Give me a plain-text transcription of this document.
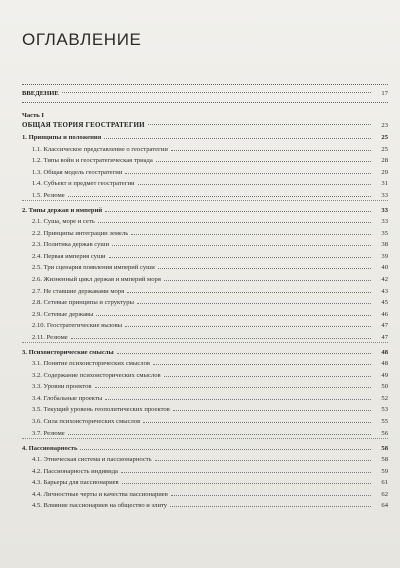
ОГЛАВЛЕНИЕ
ВВЕДЕНИЕ	17
Часть I
ОБЩАЯ ТЕОРИЯ ГЕОСТРАТЕГИИ	23
1. Принципы и положения	25
1.1. Классическое представление о геостратегии	25
1.2. Типы войн и геостратегическая триада	28
1.3. Общая модель геостратегии	29
1.4. Субъект и предмет геостратегии	31
1.5. Резюме	33
2. Типы держав и империй	33
2.1. Суша, море и сеть	33
2.2. Принципы интеграции земель	35
2.3. Политика держав суши	38
2.4. Первая империя суши	39
2.5. Три сценария появления империй суши	40
2.6. Жизненный цикл держав и империй моря	42
2.7. Не ставшие державами моря	43
2.8. Сетевые принципы и структуры	45
2.9. Сетевые державы	46
2.10. Геостратегические вызовы	47
2.11. Резюме	47
3. Психоисторические смыслы	48
3.1. Понятие психоисторических смыслов	48
3.2. Содержание психоисторических смыслов	49
3.3. Уровни проектов	50
3.4. Глобальные проекты	52
3.5. Текущий уровень геополитических проектов	53
3.6. Сила психоисторических смыслов	55
3.7. Резюме	56
4. Пассионарность	58
4.1. Этническая система и пассионарность	58
4.2. Пассионарность индивида	59
4.3. Барьеры для пассионариев	61
4.4. Личностные черты и качества пассионариев	62
4.5. Влияние пассионариев на общество и элиту	64
